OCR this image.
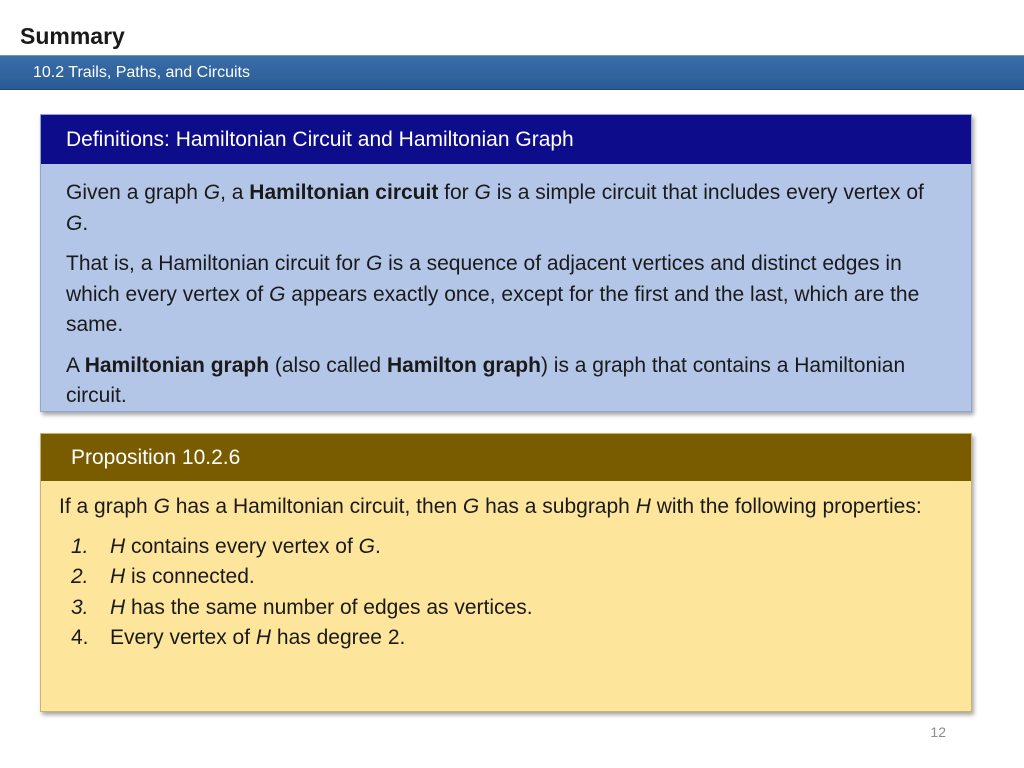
Summary
10.2 Trails, Paths, and Circuits
Definitions: Hamiltonian Circuit and Hamiltonian Graph

Given a graph G, a Hamiltonian circuit for G is a simple circuit that includes every vertex of G.

That is, a Hamiltonian circuit for G is a sequence of adjacent vertices and distinct edges in which every vertex of G appears exactly once, except for the first and the last, which are the same.

A Hamiltonian graph (also called Hamilton graph) is a graph that contains a Hamiltonian circuit.

Proposition 10.2.6

If a graph G has a Hamiltonian circuit, then G has a subgraph H with the following properties:

1.	H contains every vertex of G.
2.	H is connected.
3.	H has the same number of edges as vertices.
4.	Every vertex of H has degree 2.
12
